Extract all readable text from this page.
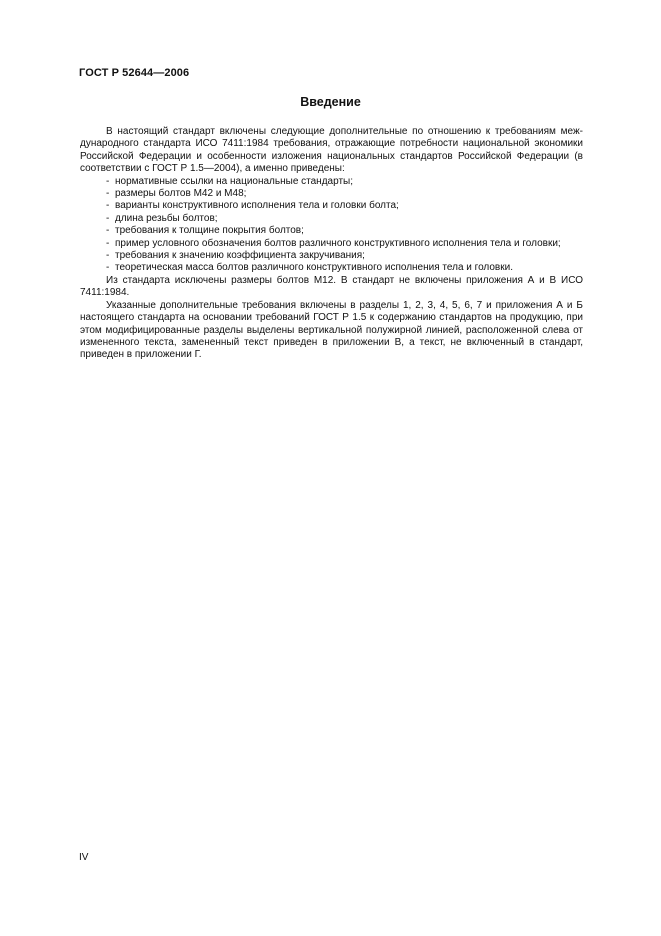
ГОСТ Р 52644—2006
Введение

В настоящий стандарт включены следующие дополнительные по отношению к требованиям международного стандарта ИСО 7411:1984 требования, отражающие потребности национальной экономики Российской Федерации и особенности изложения национальных стандартов Российской Федерации (в соответствии с ГОСТ Р 1.5—2004), а именно приведены:

- нормативные ссылки на национальные стандарты;
- размеры болтов М42 и М48;
- варианты конструктивного исполнения тела и головки болта;
- длина резьбы болтов;
- требования к толщине покрытия болтов;
- пример условного обозначения болтов различного конструктивного исполнения тела и головки;
- требования к значению коэффициента закручивания;
- теоретическая масса болтов различного конструктивного исполнения тела и головки.

Из стандарта исключены размеры болтов М12. В стандарт не включены приложения А и В ИСО 7411:1984.

Указанные дополнительные требования включены в разделы 1, 2, 3, 4, 5, 6, 7 и приложения А и Б настоящего стандарта на основании требований ГОСТ Р 1.5 к содержанию стандартов на продукцию, при этом модифицированные разделы выделены вертикальной полужирной линией, расположенной слева от измененного текста, замененный текст приведен в приложении В, а текст, не включенный в стандарт, приведен в приложении Г.

IV
